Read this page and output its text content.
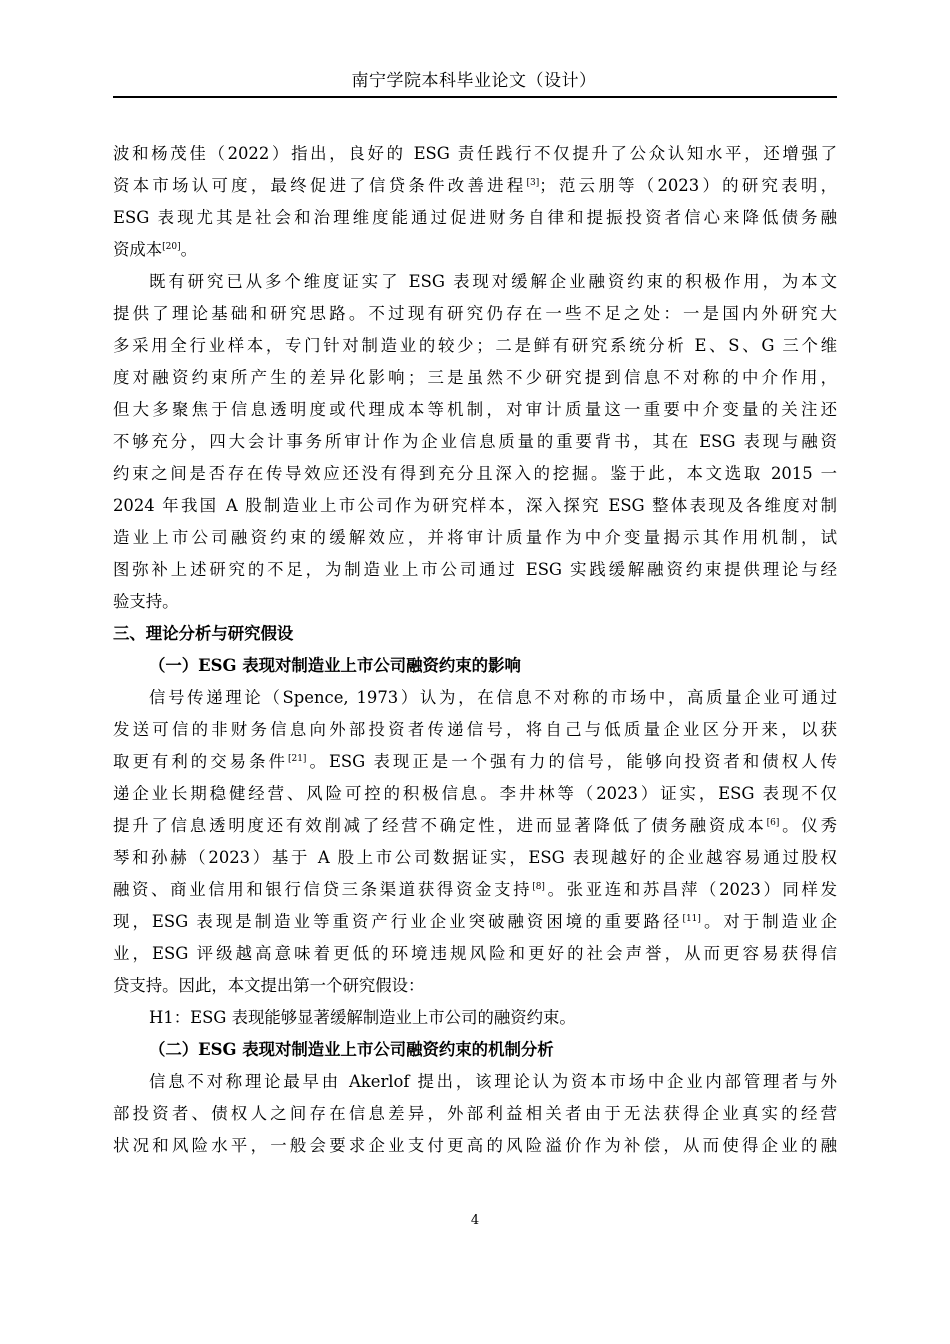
南宁学院本科毕业论文（设计）
波和杨茂佳（2022）指出，良好的 ESG 责任践行不仅提升了公众认知水平，还增强了
资本市场认可度，最终促进了信贷条件改善进程[3]；范云朋等（2023）的研究表明，
ESG 表现尤其是社会和治理维度能通过促进财务自律和提振投资者信心来降低债务融
资成本[20]。
既有研究已从多个维度证实了 ESG 表现对缓解企业融资约束的积极作用，为本文
提供了理论基础和研究思路。不过现有研究仍存在一些不足之处：一是国内外研究大
多采用全行业样本，专门针对制造业的较少；二是鲜有研究系统分析 E、S、G 三个维
度对融资约束所产生的差异化影响；三是虽然不少研究提到信息不对称的中介作用，
但大多聚焦于信息透明度或代理成本等机制，对审计质量这一重要中介变量的关注还
不够充分，四大会计事务所审计作为企业信息质量的重要背书，其在 ESG 表现与融资
约束之间是否存在传导效应还没有得到充分且深入的挖掘。鉴于此，本文选取 2015 一
2024 年我国 A 股制造业上市公司作为研究样本，深入探究 ESG 整体表现及各维度对制
造业上市公司融资约束的缓解效应，并将审计质量作为中介变量揭示其作用机制，试
图弥补上述研究的不足，为制造业上市公司通过 ESG 实践缓解融资约束提供理论与经
验支持。
三、理论分析与研究假设
（一）ESG 表现对制造业上市公司融资约束的影响
信号传递理论（Spence, 1973）认为，在信息不对称的市场中，高质量企业可通过
发送可信的非财务信息向外部投资者传递信号，将自己与低质量企业区分开来，以获
取更有利的交易条件[21]。ESG 表现正是一个强有力的信号，能够向投资者和债权人传
递企业长期稳健经营、风险可控的积极信息。李井林等（2023）证实，ESG 表现不仅
提升了信息透明度还有效削减了经营不确定性，进而显著降低了债务融资成本[6]。仪秀
琴和孙赫（2023）基于 A 股上市公司数据证实，ESG 表现越好的企业越容易通过股权
融资、商业信用和银行信贷三条渠道获得资金支持[8]。张亚连和苏昌萍（2023）同样发
现，ESG 表现是制造业等重资产行业企业突破融资困境的重要路径[11]。对于制造业企
业，ESG 评级越高意味着更低的环境违规风险和更好的社会声誉，从而更容易获得信
贷支持。因此，本文提出第一个研究假设：
H1：ESG 表现能够显著缓解制造业上市公司的融资约束。
（二）ESG 表现对制造业上市公司融资约束的机制分析
信息不对称理论最早由 Akerlof 提出，该理论认为资本市场中企业内部管理者与外
部投资者、债权人之间存在信息差异，外部利益相关者由于无法获得企业真实的经营
状况和风险水平，一般会要求企业支付更高的风险溢价作为补偿，从而使得企业的融
4
